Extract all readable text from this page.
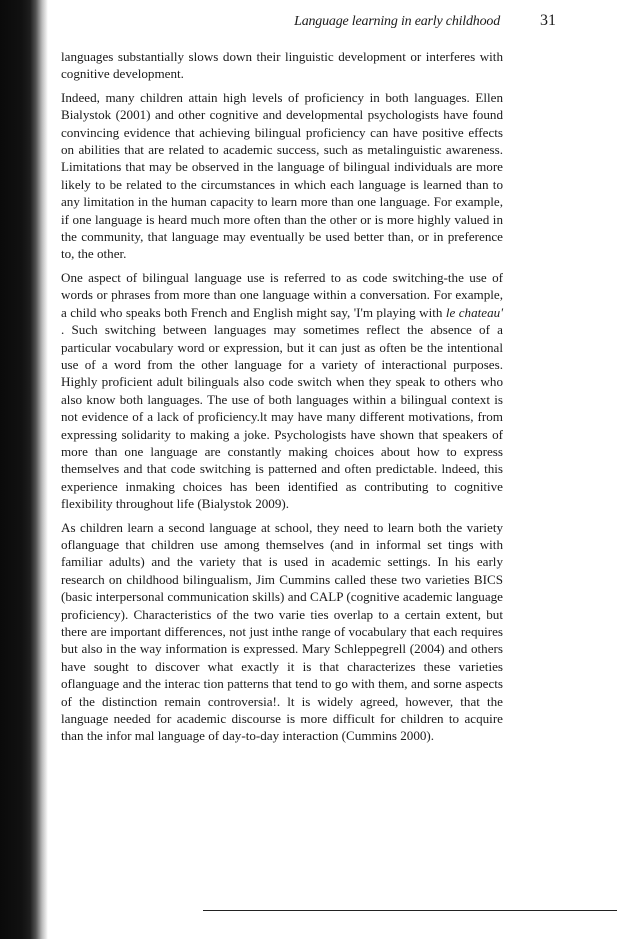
Language learning in early childhood	31

languages substantially slows down their linguistic development or interferes with cognitive development.

Indeed, many children attain high levels of proficiency in both languages. Ellen Bialystok (2001) and other cognitive and developmental psychologists have found convincing evidence that achieving bilingual proficiency can have positive effects on abilities that are related to academic success, such as metalinguistic awareness. Limitations that may be observed in the language of bilingual individuals are more likely to be related to the circumstances in which each language is learned than to any limitation in the human capacity to learn more than one language. For example, if one language is heard much more often than the other or is more highly valued in the community, that language may eventually be used better than, or in preference to, the other.

One aspect of bilingual language use is referred to as code switching-the use of words or phrases from more than one language within a conversation. For example, a child who speaks both French and English might say, 'I'm playing with le chateau' . Such switching between languages may sometimes reflect the absence of a particular vocabulary word or expression, but it can just as often be the intentional use of a word from the other language for a variety of interactional purposes. Highly proficient adult bilinguals also code switch when they speak to others who also know both languages. The use of both languages within a bilingual context is not evidence of a lack of proficiency.lt may have many different motivations, from expressing solidarity to making a joke. Psychologists have shown that speakers of more than one language are constantly making choices about how to express themselves and that code switching is patterned and often predictable. lndeed, this experience inmaking choices has been identified as contributing to cognitive flexibility throughout life (Bialystok 2009).

As children learn a second language at school, they need to learn both the variety oflanguage that children use among themselves (and in informal set tings with familiar adults) and the variety that is used in academic settings. In his early research on childhood bilingualism, Jim Cummins called these two varieties BICS (basic interpersonal communication skills) and CALP (cognitive academic language proficiency). Characteristics of the two varie ties overlap to a certain extent, but there are important differences, not just inthe range of vocabulary that each requires but also in the way information is expressed. Mary Schleppegrell (2004) and others have sought to discover what exactly it is that characterizes these varieties oflanguage and the interac tion patterns that tend to go with them, and sorne aspects of the distinction remain controversia!. lt is widely agreed, however, that the language needed for academic discourse is more difficult for children to acquire than the infor mal language of day-to-day interaction (Cummins 2000).
